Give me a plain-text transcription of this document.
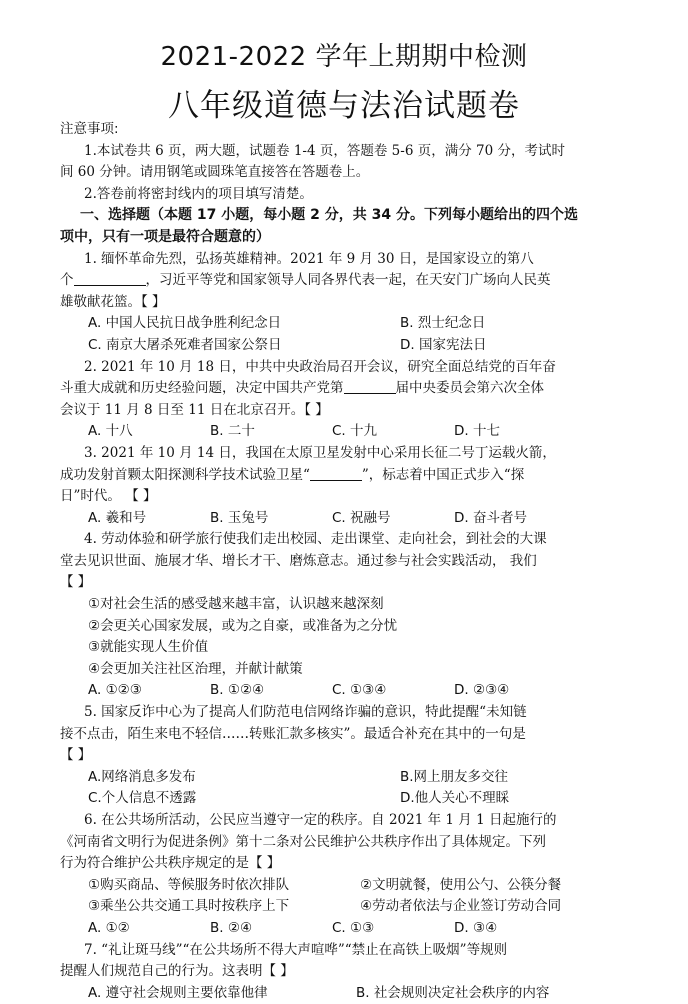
2021-2022 学年上期期中检测
八年级道德与法治试题卷
注意事项:
1.本试卷共 6 页，两大题，试题卷 1-4 页，答题卷 5-6 页，满分 70 分，考试时
间 60 分钟。请用钢笔或圆珠笔直接答在答题卷上。
2.答卷前将密封线内的项目填写清楚。
一、选择题（本题 17 小题，每小题 2 分，共 34 分。下列每小题给出的四个选
项中，只有一项是最符合题意的）
1. 缅怀革命先烈，弘扬英雄精神。2021 年 9 月 30 日，是国家设立的第八
个	，习近平等党和国家领导人同各界代表一起，在天安门广场向人民英
雄敬献花篮。【 】
A. 中国人民抗日战争胜利纪念日	B. 烈士纪念日
C. 南京大屠杀死难者国家公祭日	D. 国家宪法日
2. 2021 年 10 月 18 日，中共中央政治局召开会议，研究全面总结党的百年奋
斗重大成就和历史经验问题，决定中国共产党第	届中央委员会第六次全体
会议于 11 月 8 日至 11 日在北京召开。【 】
A. 十八	B. 二十	C. 十九	D. 十七
3. 2021 年 10 月 14 日，我国在太原卫星发射中心采用长征二号丁运载火箭，
成功发射首颗太阳探测科学技术试验卫星“	”，标志着中国正式步入“探
日”时代。 【 】
A. 羲和号	B. 玉兔号	C. 祝融号	D. 奋斗者号
4. 劳动体验和研学旅行使我们走出校园、走出课堂、走向社会，到社会的大课
堂去见识世面、施展才华、增长才干、磨炼意志。通过参与社会实践活动， 我们
【 】
①对社会生活的感受越来越丰富，认识越来越深刻
②会更关心国家发展，或为之自豪，或准备为之分忧
③就能实现人生价值
④会更加关注社区治理，并献计献策
A. ①②③	B. ①②④	C. ①③④	D. ②③④
5. 国家反诈中心为了提高人们防范电信网络诈骗的意识，特此提醒“未知链
接不点击，陌生来电不轻信……转账汇款多核实”。最适合补充在其中的一句是
【 】
A.网络消息多发布	B.网上朋友多交往
C.个人信息不透露	D.他人关心不理睬
6. 在公共场所活动，公民应当遵守一定的秩序。自 2021 年 1 月 1 日起施行的
《河南省文明行为促进条例》第十二条对公民维护公共秩序作出了具体规定。下列
行为符合维护公共秩序规定的是【 】
①购买商品、等候服务时依次排队	②文明就餐，使用公勺、公筷分餐
③乘坐公共交通工具时按秩序上下	④劳动者依法与企业签订劳动合同
A. ①②	B. ②④	C. ①③	D. ③④
7. “礼让斑马线”“在公共场所不得大声喧哗”“禁止在高铁上吸烟”等规则
提醒人们规范自己的行为。这表明【 】
A. 遵守社会规则主要依靠他律	B. 社会规则决定社会秩序的内容
